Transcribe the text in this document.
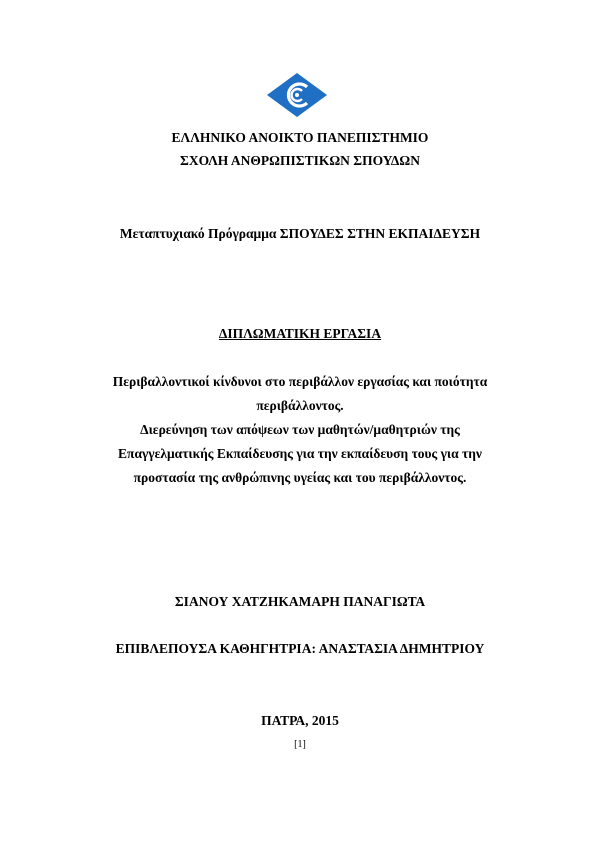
ΕΛΛΗΝΙΚΟ ΑΝΟΙΚΤΟ ΠΑΝΕΠΙΣΤΗΜΙΟ
ΣΧΟΛΗ ΑΝΘΡΩΠΙΣΤΙΚΩΝ ΣΠΟΥΔΩΝ
Μεταπτυχιακό Πρόγραμμα ΣΠΟΥΔΕΣ ΣΤΗΝ ΕΚΠΑΙΔΕΥΣΗ
ΔΙΠΛΩΜΑΤΙΚΗ ΕΡΓΑΣΙΑ
Περιβαλλοντικοί κίνδυνοι στο περιβάλλον εργασίας και ποιότητα
περιβάλλοντος.
Διερεύνηση των απόψεων των μαθητών/μαθητριών της
Επαγγελματικής Εκπαίδευσης για την εκπαίδευση τους για την
προστασία της ανθρώπινης υγείας και του περιβάλλοντος.
ΣΙΑΝΟΥ ΧΑΤΖΗΚΑΜΑΡΗ ΠΑΝΑΓΙΩΤΑ
ΕΠΙΒΛΕΠΟΥΣΑ ΚΑΘΗΓΗΤΡΙΑ: ΑΝΑΣΤΑΣΙΑ ΔΗΜΗΤΡΙΟΥ
ΠΑΤΡΑ, 2015
[1]
